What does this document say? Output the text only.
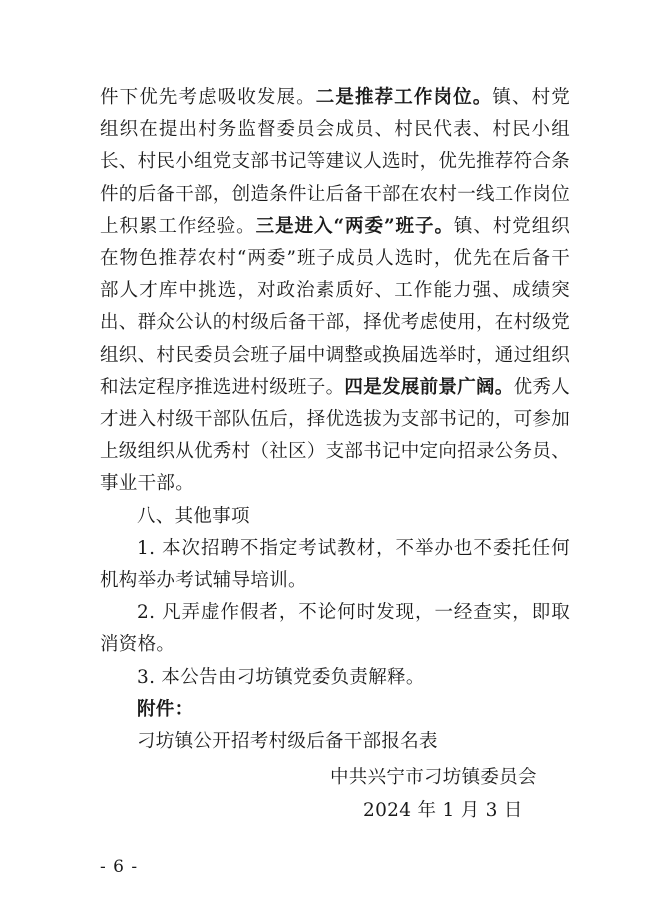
件下优先考虑吸收发展。二是推荐工作岗位。镇、村党组织在提出村务监督委员会成员、村民代表、村民小组长、村民小组党支部书记等建议人选时，优先推荐符合条件的后备干部，创造条件让后备干部在农村一线工作岗位上积累工作经验。三是进入“两委”班子。镇、村党组织在物色推荐农村“两委”班子成员人选时，优先在后备干部人才库中挑选，对政治素质好、工作能力强、成绩突出、群众公认的村级后备干部，择优考虑使用，在村级党组织、村民委员会班子届中调整或换届选举时，通过组织和法定程序推选进村级班子。四是发展前景广阔。优秀人才进入村级干部队伍后，择优选拔为支部书记的，可参加上级组织从优秀村（社区）支部书记中定向招录公务员、事业干部。

八、其他事项

1. 本次招聘不指定考试教材，不举办也不委托任何机构举办考试辅导培训。

2. 凡弄虚作假者，不论何时发现，一经查实，即取消资格。

3. 本公告由刁坊镇党委负责解释。

附件：

刁坊镇公开招考村级后备干部报名表

中共兴宁市刁坊镇委员会
2024 年 1 月 3 日
- 6 -
